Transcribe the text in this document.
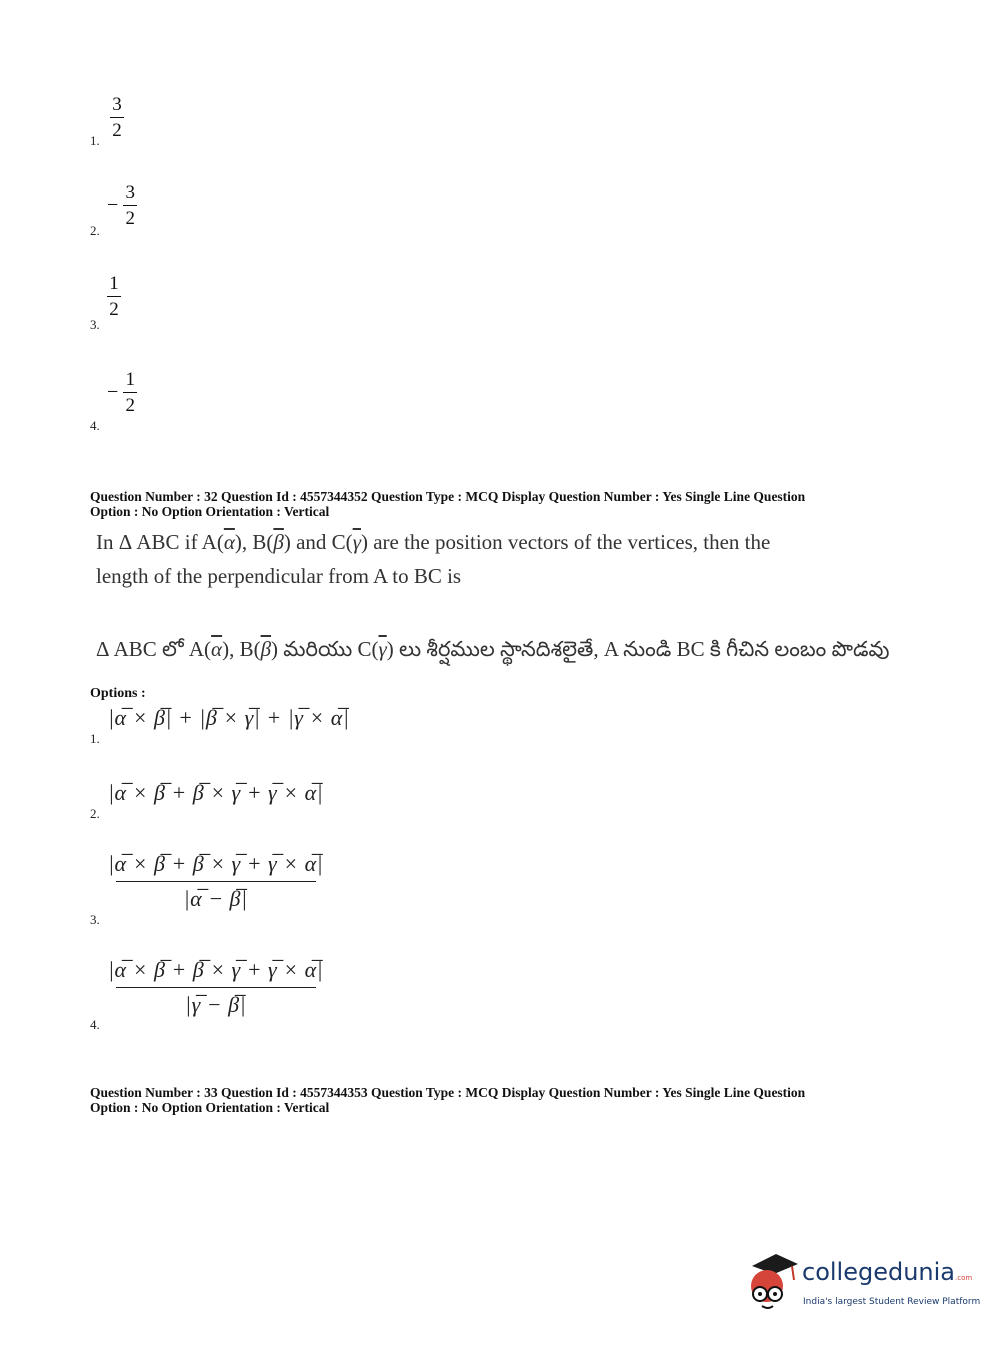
1.
3
2
2.
− $\frac{3}{2}$
3.
1
2
4.
− $\frac{1}{2}$
Question Number : 32 Question Id : 4557344352 Question Type : MCQ Display Question Number : Yes Single Line Question
Option : No Option Orientation : Vertical
In Δ ABC if $A(\overline{\alpha})$, $B(\overline{\beta})$ and $C(\overline{\gamma})$ are the position vectors of the vertices, then the
length of the perpendicular from A to BC is
Δ ABC లో $A(\overline{\alpha})$, $B(\overline{\beta})$ మరియు $C(\overline{\gamma})$ లు శీర్షముల స్థానదిశలైతే, A నుండి BC కి గీచిన లంబం పొడవు
Options :
1.
|α̅ × β̅| + |β̅ × γ̅| + |γ̅ × α̅|
2.
|α̅ × β̅ + β̅ × γ̅ + γ̅ × α̅|
3.
|α̅ × β̅ + β̅ × γ̅ + γ̅ × α̅|
|α̅ − β̅|
4.
|α̅ × β̅ + β̅ × γ̅ + γ̅ × α̅|
|γ̅ − β̅|
Question Number : 33 Question Id : 4557344353 Question Type : MCQ Display Question Number : Yes Single Line Question
Option : No Option Orientation : Vertical
collegedunia.com
India's largest Student Review Platform
